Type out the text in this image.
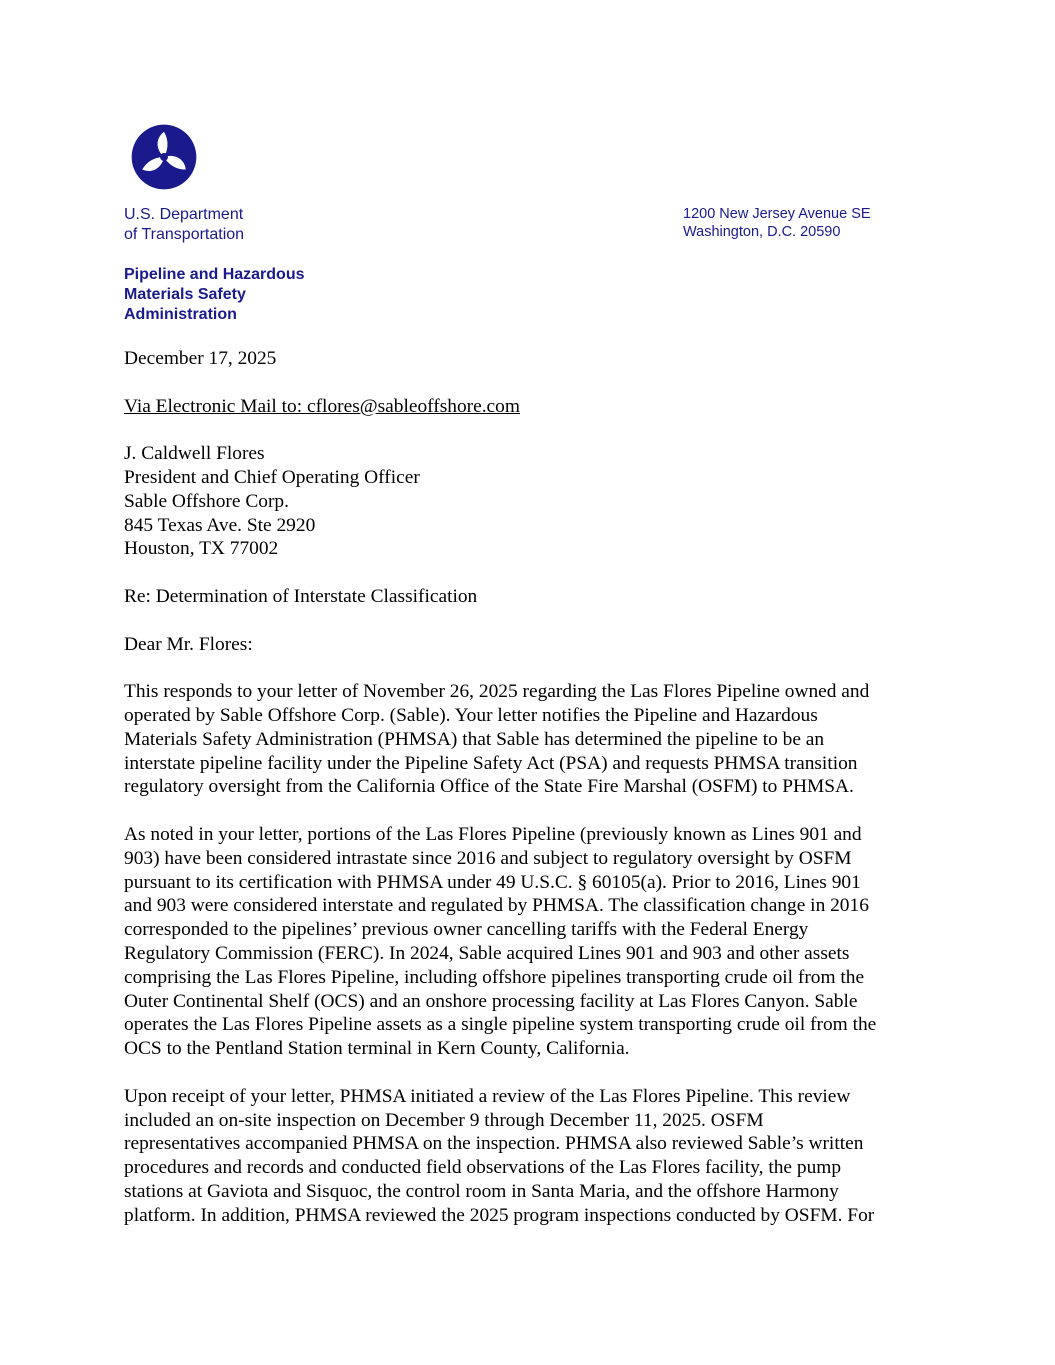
U.S. Department
of Transportation
1200 New Jersey Avenue SE
Washington, D.C. 20590
Pipeline and Hazardous
Materials Safety
Administration
December 17, 2025
Via Electronic Mail to: cflores@sableoffshore.com
J. Caldwell Flores
President and Chief Operating Officer
Sable Offshore Corp.
845 Texas Ave. Ste 2920
Houston, TX 77002
Re: Determination of Interstate Classification
Dear Mr. Flores:
This responds to your letter of November 26, 2025 regarding the Las Flores Pipeline owned and
operated by Sable Offshore Corp. (Sable). Your letter notifies the Pipeline and Hazardous
Materials Safety Administration (PHMSA) that Sable has determined the pipeline to be an
interstate pipeline facility under the Pipeline Safety Act (PSA) and requests PHMSA transition
regulatory oversight from the California Office of the State Fire Marshal (OSFM) to PHMSA.
As noted in your letter, portions of the Las Flores Pipeline (previously known as Lines 901 and
903) have been considered intrastate since 2016 and subject to regulatory oversight by OSFM
pursuant to its certification with PHMSA under 49 U.S.C. § 60105(a). Prior to 2016, Lines 901
and 903 were considered interstate and regulated by PHMSA. The classification change in 2016
corresponded to the pipelines’ previous owner cancelling tariffs with the Federal Energy
Regulatory Commission (FERC). In 2024, Sable acquired Lines 901 and 903 and other assets
comprising the Las Flores Pipeline, including offshore pipelines transporting crude oil from the
Outer Continental Shelf (OCS) and an onshore processing facility at Las Flores Canyon. Sable
operates the Las Flores Pipeline assets as a single pipeline system transporting crude oil from the
OCS to the Pentland Station terminal in Kern County, California.
Upon receipt of your letter, PHMSA initiated a review of the Las Flores Pipeline. This review
included an on-site inspection on December 9 through December 11, 2025. OSFM
representatives accompanied PHMSA on the inspection. PHMSA also reviewed Sable’s written
procedures and records and conducted field observations of the Las Flores facility, the pump
stations at Gaviota and Sisquoc, the control room in Santa Maria, and the offshore Harmony
platform. In addition, PHMSA reviewed the 2025 program inspections conducted by OSFM. For
